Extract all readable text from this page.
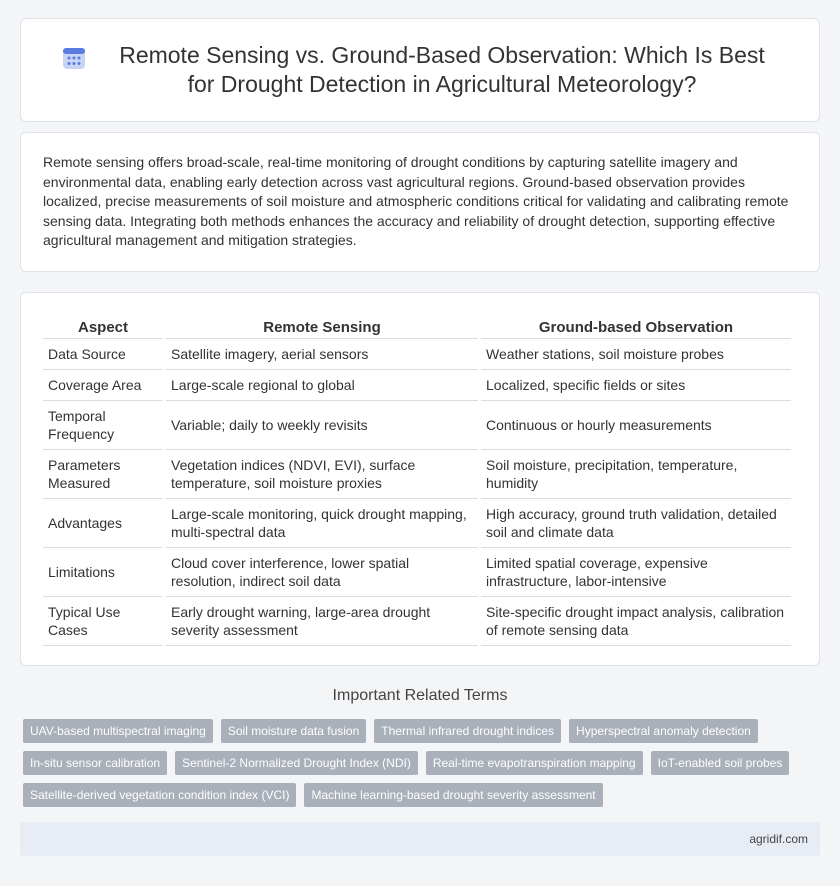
Remote Sensing vs. Ground-Based Observation: Which Is Best for Drought Detection in Agricultural Meteorology?

Remote sensing offers broad-scale, real-time monitoring of drought conditions by capturing satellite imagery and environmental data, enabling early detection across vast agricultural regions. Ground-based observation provides localized, precise measurements of soil moisture and atmospheric conditions critical for validating and calibrating remote sensing data. Integrating both methods enhances the accuracy and reliability of drought detection, supporting effective agricultural management and mitigation strategies.

Aspect	Remote Sensing	Ground-based Observation
Data Source	Satellite imagery, aerial sensors	Weather stations, soil moisture probes
Coverage Area	Large-scale regional to global	Localized, specific fields or sites
Temporal Frequency	Variable; daily to weekly revisits	Continuous or hourly measurements
Parameters Measured	Vegetation indices (NDVI, EVI), surface temperature, soil moisture proxies	Soil moisture, precipitation, temperature, humidity
Advantages	Large-scale monitoring, quick drought mapping, multi-spectral data	High accuracy, ground truth validation, detailed soil and climate data
Limitations	Cloud cover interference, lower spatial resolution, indirect soil data	Limited spatial coverage, expensive infrastructure, labor-intensive
Typical Use Cases	Early drought warning, large-area drought severity assessment	Site-specific drought impact analysis, calibration of remote sensing data
Important Related Terms
UAV-based multispectral imaging	Soil moisture data fusion	Thermal infrared drought indices	Hyperspectral anomaly detection
In-situ sensor calibration	Sentinel-2 Normalized Drought Index (NDI)	Real-time evapotranspiration mapping	IoT-enabled soil probes
Satellite-derived vegetation condition index (VCI)	Machine learning-based drought severity assessment
agridif.com
